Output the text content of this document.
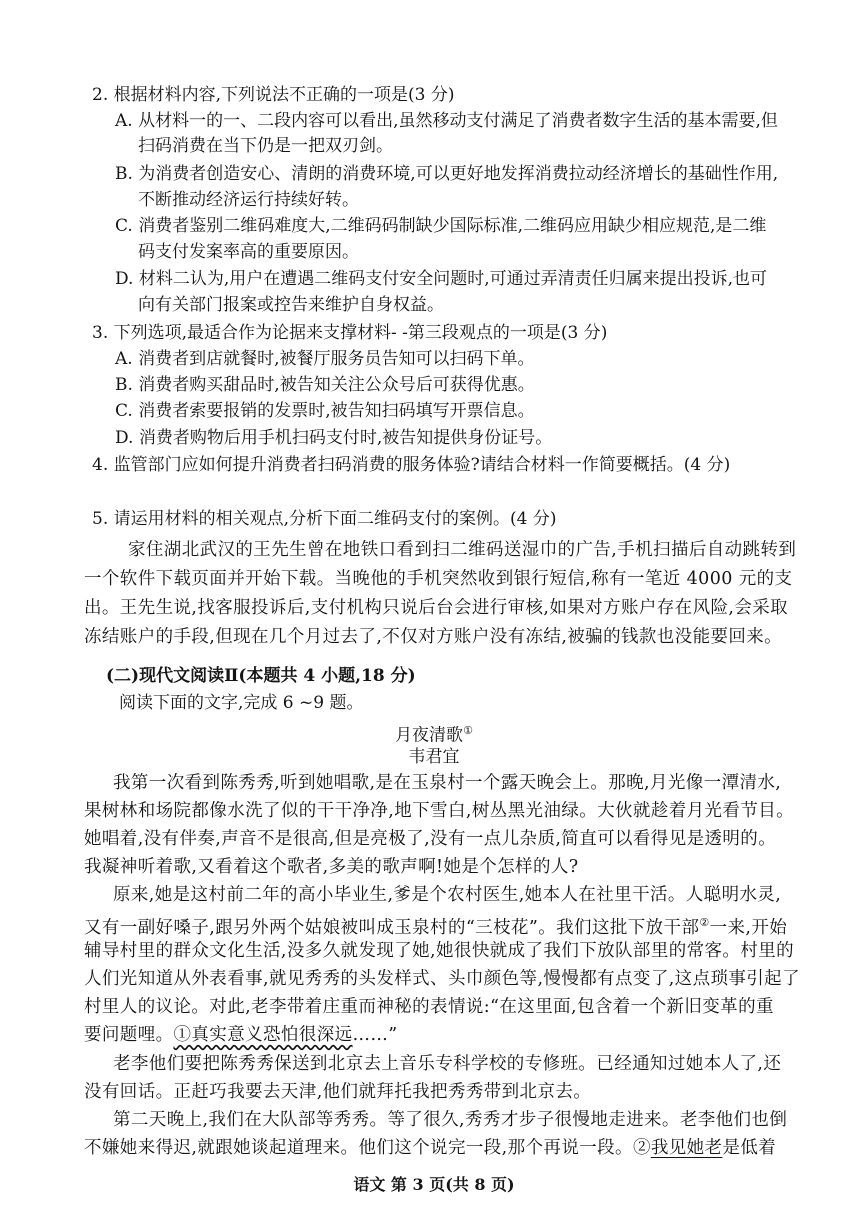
2. 根据材料内容,下列说法不正确的一项是(3 分)
A. 从材料一的一、二段内容可以看出,虽然移动支付满足了消费者数字生活的基本需要,但
扫码消费在当下仍是一把双刃剑。
B. 为消费者创造安心、清朗的消费环境,可以更好地发挥消费拉动经济增长的基础性作用,
不断推动经济运行持续好转。
C. 消费者鉴别二维码难度大,二维码码制缺少国际标准,二维码应用缺少相应规范,是二维
码支付发案率高的重要原因。
D. 材料二认为,用户在遭遇二维码支付安全问题时,可通过弄清责任归属来提出投诉,也可
向有关部门报案或控告来维护自身权益。
3. 下列选项,最适合作为论据来支撑材料- -第三段观点的一项是(3 分)
A. 消费者到店就餐时,被餐厅服务员告知可以扫码下单。
B. 消费者购买甜品时,被告知关注公众号后可获得优惠。
C. 消费者索要报销的发票时,被告知扫码填写开票信息。
D. 消费者购物后用手机扫码支付时,被告知提供身份证号。
4. 监管部门应如何提升消费者扫码消费的服务体验?请结合材料一作简要概括。(4 分)
5. 请运用材料的相关观点,分析下面二维码支付的案例。(4 分)
家住湖北武汉的王先生曾在地铁口看到扫二维码送湿巾的广告,手机扫描后自动跳转到
一个软件下载页面并开始下载。当晚他的手机突然收到银行短信,称有一笔近 4000 元的支
出。王先生说,找客服投诉后,支付机构只说后台会进行审核,如果对方账户存在风险,会采取
冻结账户的手段,但现在几个月过去了,不仅对方账户没有冻结,被骗的钱款也没能要回来。
(二)现代文阅读Ⅱ(本题共 4 小题,18 分)
阅读下面的文字,完成 6 ~9 题。
月夜清歌①
韦君宜
我第一次看到陈秀秀,听到她唱歌,是在玉泉村一个露天晚会上。那晚,月光像一潭清水,
果树林和场院都像水洗了似的干干净净,地下雪白,树丛黑光油绿。大伙就趁着月光看节目。
她唱着,没有伴奏,声音不是很高,但是亮极了,没有一点儿杂质,简直可以看得见是透明的。
我凝神听着歌,又看着这个歌者,多美的歌声啊!她是个怎样的人?
原来,她是这村前二年的高小毕业生,爹是个农村医生,她本人在社里干活。人聪明水灵,
又有一副好嗓子,跟另外两个姑娘被叫成玉泉村的“三枝花”。我们这批下放干部②一来,开始
辅导村里的群众文化生活,没多久就发现了她,她很快就成了我们下放队部里的常客。村里的
人们光知道从外表看事,就见秀秀的头发样式、头巾颜色等,慢慢都有点变了,这点琐事引起了
村里人的议论。对此,老李带着庄重而神秘的表情说:“在这里面,包含着一个新旧变革的重
要问题哩。①真实意义恐怕很深远……”
老李他们要把陈秀秀保送到北京去上音乐专科学校的专修班。已经通知过她本人了,还
没有回话。正赶巧我要去天津,他们就拜托我把秀秀带到北京去。
第二天晚上,我们在大队部等秀秀。等了很久,秀秀才步子很慢地走进来。老李他们也倒
不嫌她来得迟,就跟她谈起道理来。他们这个说完一段,那个再说一段。②我见她老是低着
语文 第 3 页(共 8 页)
